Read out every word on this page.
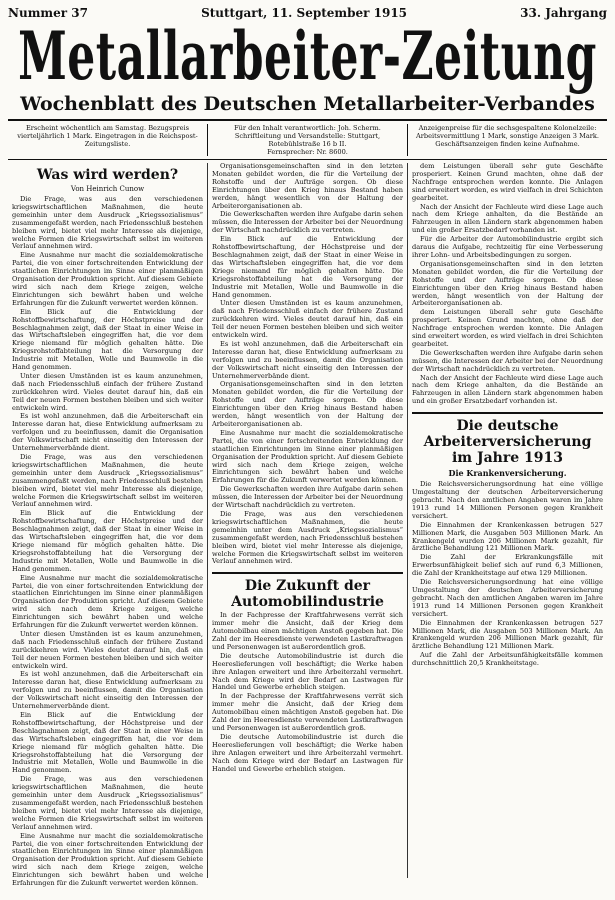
Nummer 37	Stuttgart, 11. September 1915	33. Jahrgang
Metallarbeiter-Zeitung
Wochenblatt des Deutschen Metallarbeiter-Verbandes
Erscheint wöchentlich am Samstag. Bezugspreis vierteljährlich 1 Mark. Eingetragen in die Reichspost-Zeitungsliste.
Für den Inhalt verantwortlich: Joh. Scherm.
Schriftleitung und Versandstelle: Stuttgart, Rotebühlstraße 16 b II.
Fernsprecher: Nr. 8600.
Anzeigenpreise für die sechsgespaltene Kolonelzeile: Arbeitsvermittlung 1 Mark, sonstige Anzeigen 3 Mark. Geschäftsanzeigen finden keine Aufnahme.
Was wird werden?
Von Heinrich Cunow

Die Frage, was aus den verschiedenen kriegswirtschaftlichen Maßnahmen, die heute gemeinhin unter dem Ausdruck „Kriegssozialismus“ zusammengefaßt werden, nach Friedensschluß bestehen bleiben wird, bietet viel mehr Interesse als diejenige, welche Formen die Kriegswirtschaft selbst im weiteren Verlauf annehmen wird.

Eine Ausnahme nur macht die sozialdemokratische Partei, die von einer fortschreitenden Entwicklung der staatlichen Einrichtungen im Sinne einer planmäßigen Organisation der Produktion spricht. Auf diesem Gebiete wird sich nach dem Kriege zeigen, welche Einrichtungen sich bewährt haben und welche Erfahrungen für die Zukunft verwertet werden können.

Ein Blick auf die Entwicklung der Rohstoffbewirtschaftung, der Höchstpreise und der Beschlagnahmen zeigt, daß der Staat in einer Weise in das Wirtschaftsleben eingegriffen hat, die vor dem Kriege niemand für möglich gehalten hätte. Die Kriegsrohstoffabteilung hat die Versorgung der Industrie mit Metallen, Wolle und Baumwolle in die Hand genommen.

Unter diesen Umständen ist es kaum anzunehmen, daß nach Friedensschluß einfach der frühere Zustand zurückkehren wird. Vieles deutet darauf hin, daß ein Teil der neuen Formen bestehen bleiben und sich weiter entwickeln wird.

Es ist wohl anzunehmen, daß die Arbeiterschaft ein Interesse daran hat, diese Entwicklung aufmerksam zu verfolgen und zu beeinflussen, damit die Organisation der Volkswirtschaft nicht einseitig den Interessen der Unternehmerverbände dient.

Die Frage, was aus den verschiedenen kriegswirtschaftlichen Maßnahmen, die heute gemeinhin unter dem Ausdruck „Kriegssozialismus“ zusammengefaßt werden, nach Friedensschluß bestehen bleiben wird, bietet viel mehr Interesse als diejenige, welche Formen die Kriegswirtschaft selbst im weiteren Verlauf annehmen wird.

Ein Blick auf die Entwicklung der Rohstoffbewirtschaftung, der Höchstpreise und der Beschlagnahmen zeigt, daß der Staat in einer Weise in das Wirtschaftsleben eingegriffen hat, die vor dem Kriege niemand für möglich gehalten hätte. Die Kriegsrohstoffabteilung hat die Versorgung der Industrie mit Metallen, Wolle und Baumwolle in die Hand genommen.

Eine Ausnahme nur macht die sozialdemokratische Partei, die von einer fortschreitenden Entwicklung der staatlichen Einrichtungen im Sinne einer planmäßigen Organisation der Produktion spricht. Auf diesem Gebiete wird sich nach dem Kriege zeigen, welche Einrichtungen sich bewährt haben und welche Erfahrungen für die Zukunft verwertet werden können.

Unter diesen Umständen ist es kaum anzunehmen, daß nach Friedensschluß einfach der frühere Zustand zurückkehren wird. Vieles deutet darauf hin, daß ein Teil der neuen Formen bestehen bleiben und sich weiter entwickeln wird.

Es ist wohl anzunehmen, daß die Arbeiterschaft ein Interesse daran hat, diese Entwicklung aufmerksam zu verfolgen und zu beeinflussen, damit die Organisation der Volkswirtschaft nicht einseitig den Interessen der Unternehmerverbände dient.

Ein Blick auf die Entwicklung der Rohstoffbewirtschaftung, der Höchstpreise und der Beschlagnahmen zeigt, daß der Staat in einer Weise in das Wirtschaftsleben eingegriffen hat, die vor dem Kriege niemand für möglich gehalten hätte. Die Kriegsrohstoffabteilung hat die Versorgung der Industrie mit Metallen, Wolle und Baumwolle in die Hand genommen.

Die Frage, was aus den verschiedenen kriegswirtschaftlichen Maßnahmen, die heute gemeinhin unter dem Ausdruck „Kriegssozialismus“ zusammengefaßt werden, nach Friedensschluß bestehen bleiben wird, bietet viel mehr Interesse als diejenige, welche Formen die Kriegswirtschaft selbst im weiteren Verlauf annehmen wird.

Eine Ausnahme nur macht die sozialdemokratische Partei, die von einer fortschreitenden Entwicklung der staatlichen Einrichtungen im Sinne einer planmäßigen Organisation der Produktion spricht. Auf diesem Gebiete wird sich nach dem Kriege zeigen, welche Einrichtungen sich bewährt haben und welche Erfahrungen für die Zukunft verwertet werden können.

Organisationsgemeinschaften sind in den letzten Monaten gebildet worden, die für die Verteilung der Rohstoffe und der Aufträge sorgen. Ob diese Einrichtungen über den Krieg hinaus Bestand haben werden, hängt wesentlich von der Haltung der Arbeiterorganisationen ab.

Die Gewerkschaften werden ihre Aufgabe darin sehen müssen, die Interessen der Arbeiter bei der Neuordnung der Wirtschaft nachdrücklich zu vertreten.

Ein Blick auf die Entwicklung der Rohstoffbewirtschaftung, der Höchstpreise und der Beschlagnahmen zeigt, daß der Staat in einer Weise in das Wirtschaftsleben eingegriffen hat, die vor dem Kriege niemand für möglich gehalten hätte. Die Kriegsrohstoffabteilung hat die Versorgung der Industrie mit Metallen, Wolle und Baumwolle in die Hand genommen.

Unter diesen Umständen ist es kaum anzunehmen, daß nach Friedensschluß einfach der frühere Zustand zurückkehren wird. Vieles deutet darauf hin, daß ein Teil der neuen Formen bestehen bleiben und sich weiter entwickeln wird.

Es ist wohl anzunehmen, daß die Arbeiterschaft ein Interesse daran hat, diese Entwicklung aufmerksam zu verfolgen und zu beeinflussen, damit die Organisation der Volkswirtschaft nicht einseitig den Interessen der Unternehmerverbände dient.

Organisationsgemeinschaften sind in den letzten Monaten gebildet worden, die für die Verteilung der Rohstoffe und der Aufträge sorgen. Ob diese Einrichtungen über den Krieg hinaus Bestand haben werden, hängt wesentlich von der Haltung der Arbeiterorganisationen ab.

Eine Ausnahme nur macht die sozialdemokratische Partei, die von einer fortschreitenden Entwicklung der staatlichen Einrichtungen im Sinne einer planmäßigen Organisation der Produktion spricht. Auf diesem Gebiete wird sich nach dem Kriege zeigen, welche Einrichtungen sich bewährt haben und welche Erfahrungen für die Zukunft verwertet werden können.

Die Gewerkschaften werden ihre Aufgabe darin sehen müssen, die Interessen der Arbeiter bei der Neuordnung der Wirtschaft nachdrücklich zu vertreten.

Die Frage, was aus den verschiedenen kriegswirtschaftlichen Maßnahmen, die heute gemeinhin unter dem Ausdruck „Kriegssozialismus“ zusammengefaßt werden, nach Friedensschluß bestehen bleiben wird, bietet viel mehr Interesse als diejenige, welche Formen die Kriegswirtschaft selbst im weiteren Verlauf annehmen wird.

Die Zukunft der Automobilindustrie

In der Fachpresse der Kraftfahrwesens verrät sich immer mehr die Ansicht, daß der Krieg dem Automobilbau einen mächtigen Anstoß gegeben hat. Die Zahl der im Heeresdienste verwendeten Lastkraftwagen und Personenwagen ist außerordentlich groß.

Die deutsche Automobilindustrie ist durch die Heereslieferungen voll beschäftigt; die Werke haben ihre Anlagen erweitert und ihre Arbeiterzahl vermehrt. Nach dem Kriege wird der Bedarf an Lastwagen für Handel und Gewerbe erheblich steigen.

In der Fachpresse der Kraftfahrwesens verrät sich immer mehr die Ansicht, daß der Krieg dem Automobilbau einen mächtigen Anstoß gegeben hat. Die Zahl der im Heeresdienste verwendeten Lastkraftwagen und Personenwagen ist außerordentlich groß.

Die deutsche Automobilindustrie ist durch die Heereslieferungen voll beschäftigt; die Werke haben ihre Anlagen erweitert und ihre Arbeiterzahl vermehrt. Nach dem Kriege wird der Bedarf an Lastwagen für Handel und Gewerbe erheblich steigen.

dem Leistungen überall sehr gute Geschäfte prosperiert. Keinen Grund machten, ohne daß der Nachfrage entsprochen werden konnte. Die Anlagen sind erweitert worden, es wird vielfach in drei Schichten gearbeitet.

Nach der Ansicht der Fachleute wird diese Lage auch nach dem Kriege anhalten, da die Bestände an Fahrzeugen in allen Ländern stark abgenommen haben und ein großer Ersatzbedarf vorhanden ist.

Für die Arbeiter der Automobilindustrie ergibt sich daraus die Aufgabe, rechtzeitig für eine Verbesserung ihrer Lohn- und Arbeitsbedingungen zu sorgen.

Organisationsgemeinschaften sind in den letzten Monaten gebildet worden, die für die Verteilung der Rohstoffe und der Aufträge sorgen. Ob diese Einrichtungen über den Krieg hinaus Bestand haben werden, hängt wesentlich von der Haltung der Arbeiterorganisationen ab.

dem Leistungen überall sehr gute Geschäfte prosperiert. Keinen Grund machten, ohne daß der Nachfrage entsprochen werden konnte. Die Anlagen sind erweitert worden, es wird vielfach in drei Schichten gearbeitet.

Die Gewerkschaften werden ihre Aufgabe darin sehen müssen, die Interessen der Arbeiter bei der Neuordnung der Wirtschaft nachdrücklich zu vertreten.

Nach der Ansicht der Fachleute wird diese Lage auch nach dem Kriege anhalten, da die Bestände an Fahrzeugen in allen Ländern stark abgenommen haben und ein großer Ersatzbedarf vorhanden ist.

Die deutsche Arbeiterversicherung im Jahre 1913
Die Krankenversicherung.

Die Reichsversicherungsordnung hat eine völlige Umgestaltung der deutschen Arbeiterversicherung gebracht. Nach den amtlichen Angaben waren im Jahre 1913 rund 14 Millionen Personen gegen Krankheit versichert.

Die Einnahmen der Krankenkassen betrugen 527 Millionen Mark, die Ausgaben 503 Millionen Mark. An Krankengeld wurden 206 Millionen Mark gezahlt, für ärztliche Behandlung 121 Millionen Mark.

Die Zahl der Erkrankungsfälle mit Erwerbsunfähigkeit belief sich auf rund 6,3 Millionen, die Zahl der Krankheitstage auf etwa 129 Millionen.

Die Reichsversicherungsordnung hat eine völlige Umgestaltung der deutschen Arbeiterversicherung gebracht. Nach den amtlichen Angaben waren im Jahre 1913 rund 14 Millionen Personen gegen Krankheit versichert.

Die Einnahmen der Krankenkassen betrugen 527 Millionen Mark, die Ausgaben 503 Millionen Mark. An Krankengeld wurden 206 Millionen Mark gezahlt, für ärztliche Behandlung 121 Millionen Mark.

Auf die Zahl der Arbeitsunfähigkeitsfälle kommen durchschnittlich 20,5 Krankheitstage.
